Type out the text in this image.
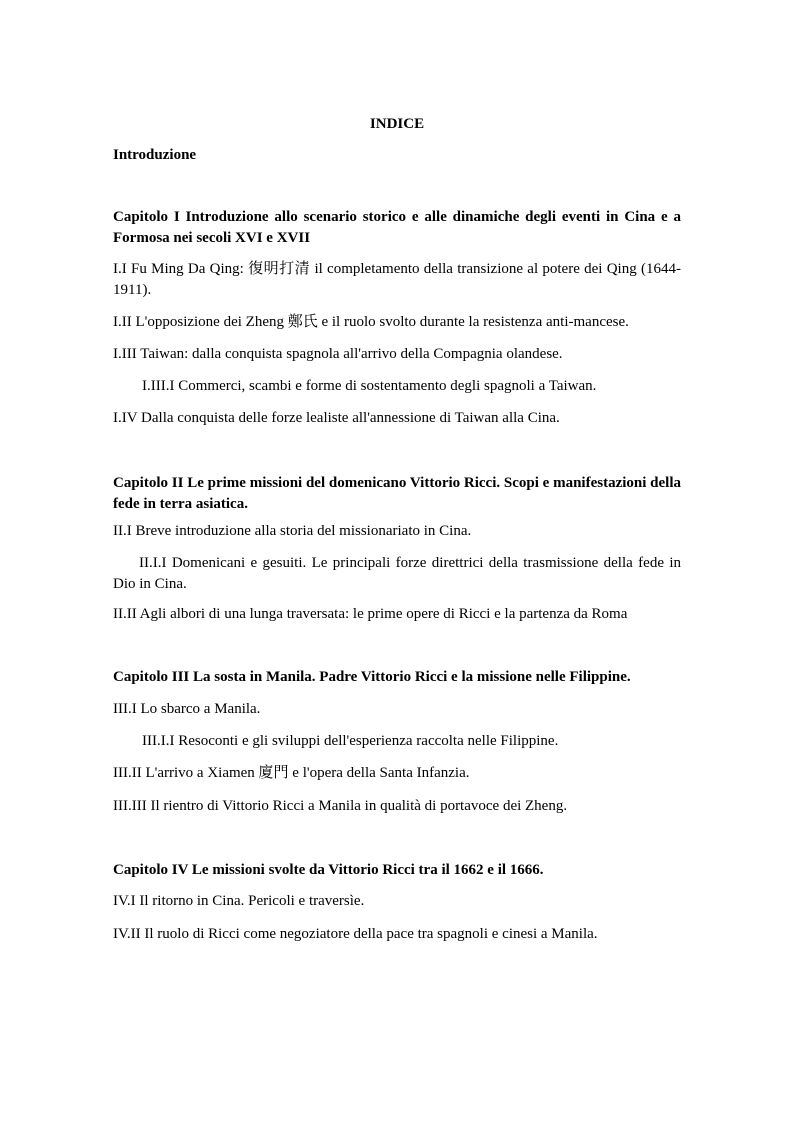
INDICE
Introduzione
Capitolo I Introduzione allo scenario storico e alle dinamiche degli eventi in Cina e a Formosa nei secoli XVI e XVII
I.I Fu Ming Da Qing: 復明打清 il completamento della transizione al potere dei Qing (1644-1911).
I.II L'opposizione dei Zheng 鄭氏 e il ruolo svolto durante la resistenza anti-mancese.
I.III Taiwan: dalla conquista spagnola all'arrivo della Compagnia olandese.
I.III.I Commerci, scambi e forme di sostentamento degli spagnoli a Taiwan.
I.IV Dalla conquista delle forze lealiste all'annessione di Taiwan alla Cina.
Capitolo II Le prime missioni del domenicano Vittorio Ricci. Scopi e manifestazioni della fede in terra asiatica.
II.I Breve introduzione alla storia del missionariato in Cina.
II.I.I Domenicani e gesuiti. Le principali forze direttrici della trasmissione della fede in Dio in Cina.
II.II Agli albori di una lunga traversata: le prime opere di Ricci e la partenza da Roma
Capitolo III La sosta in Manila. Padre Vittorio Ricci e la missione nelle Filippine.
III.I Lo sbarco a Manila.
III.I.I Resoconti e gli sviluppi dell'esperienza raccolta nelle Filippine.
III.II L'arrivo a Xiamen 廈門 e l'opera della Santa Infanzia.
III.III Il rientro di Vittorio Ricci a Manila in qualità di portavoce dei Zheng.
Capitolo IV Le missioni svolte da Vittorio Ricci tra il 1662 e il 1666.
IV.I Il ritorno in Cina. Pericoli e traversìe.
IV.II Il ruolo di Ricci come negoziatore della pace tra spagnoli e cinesi a Manila.
